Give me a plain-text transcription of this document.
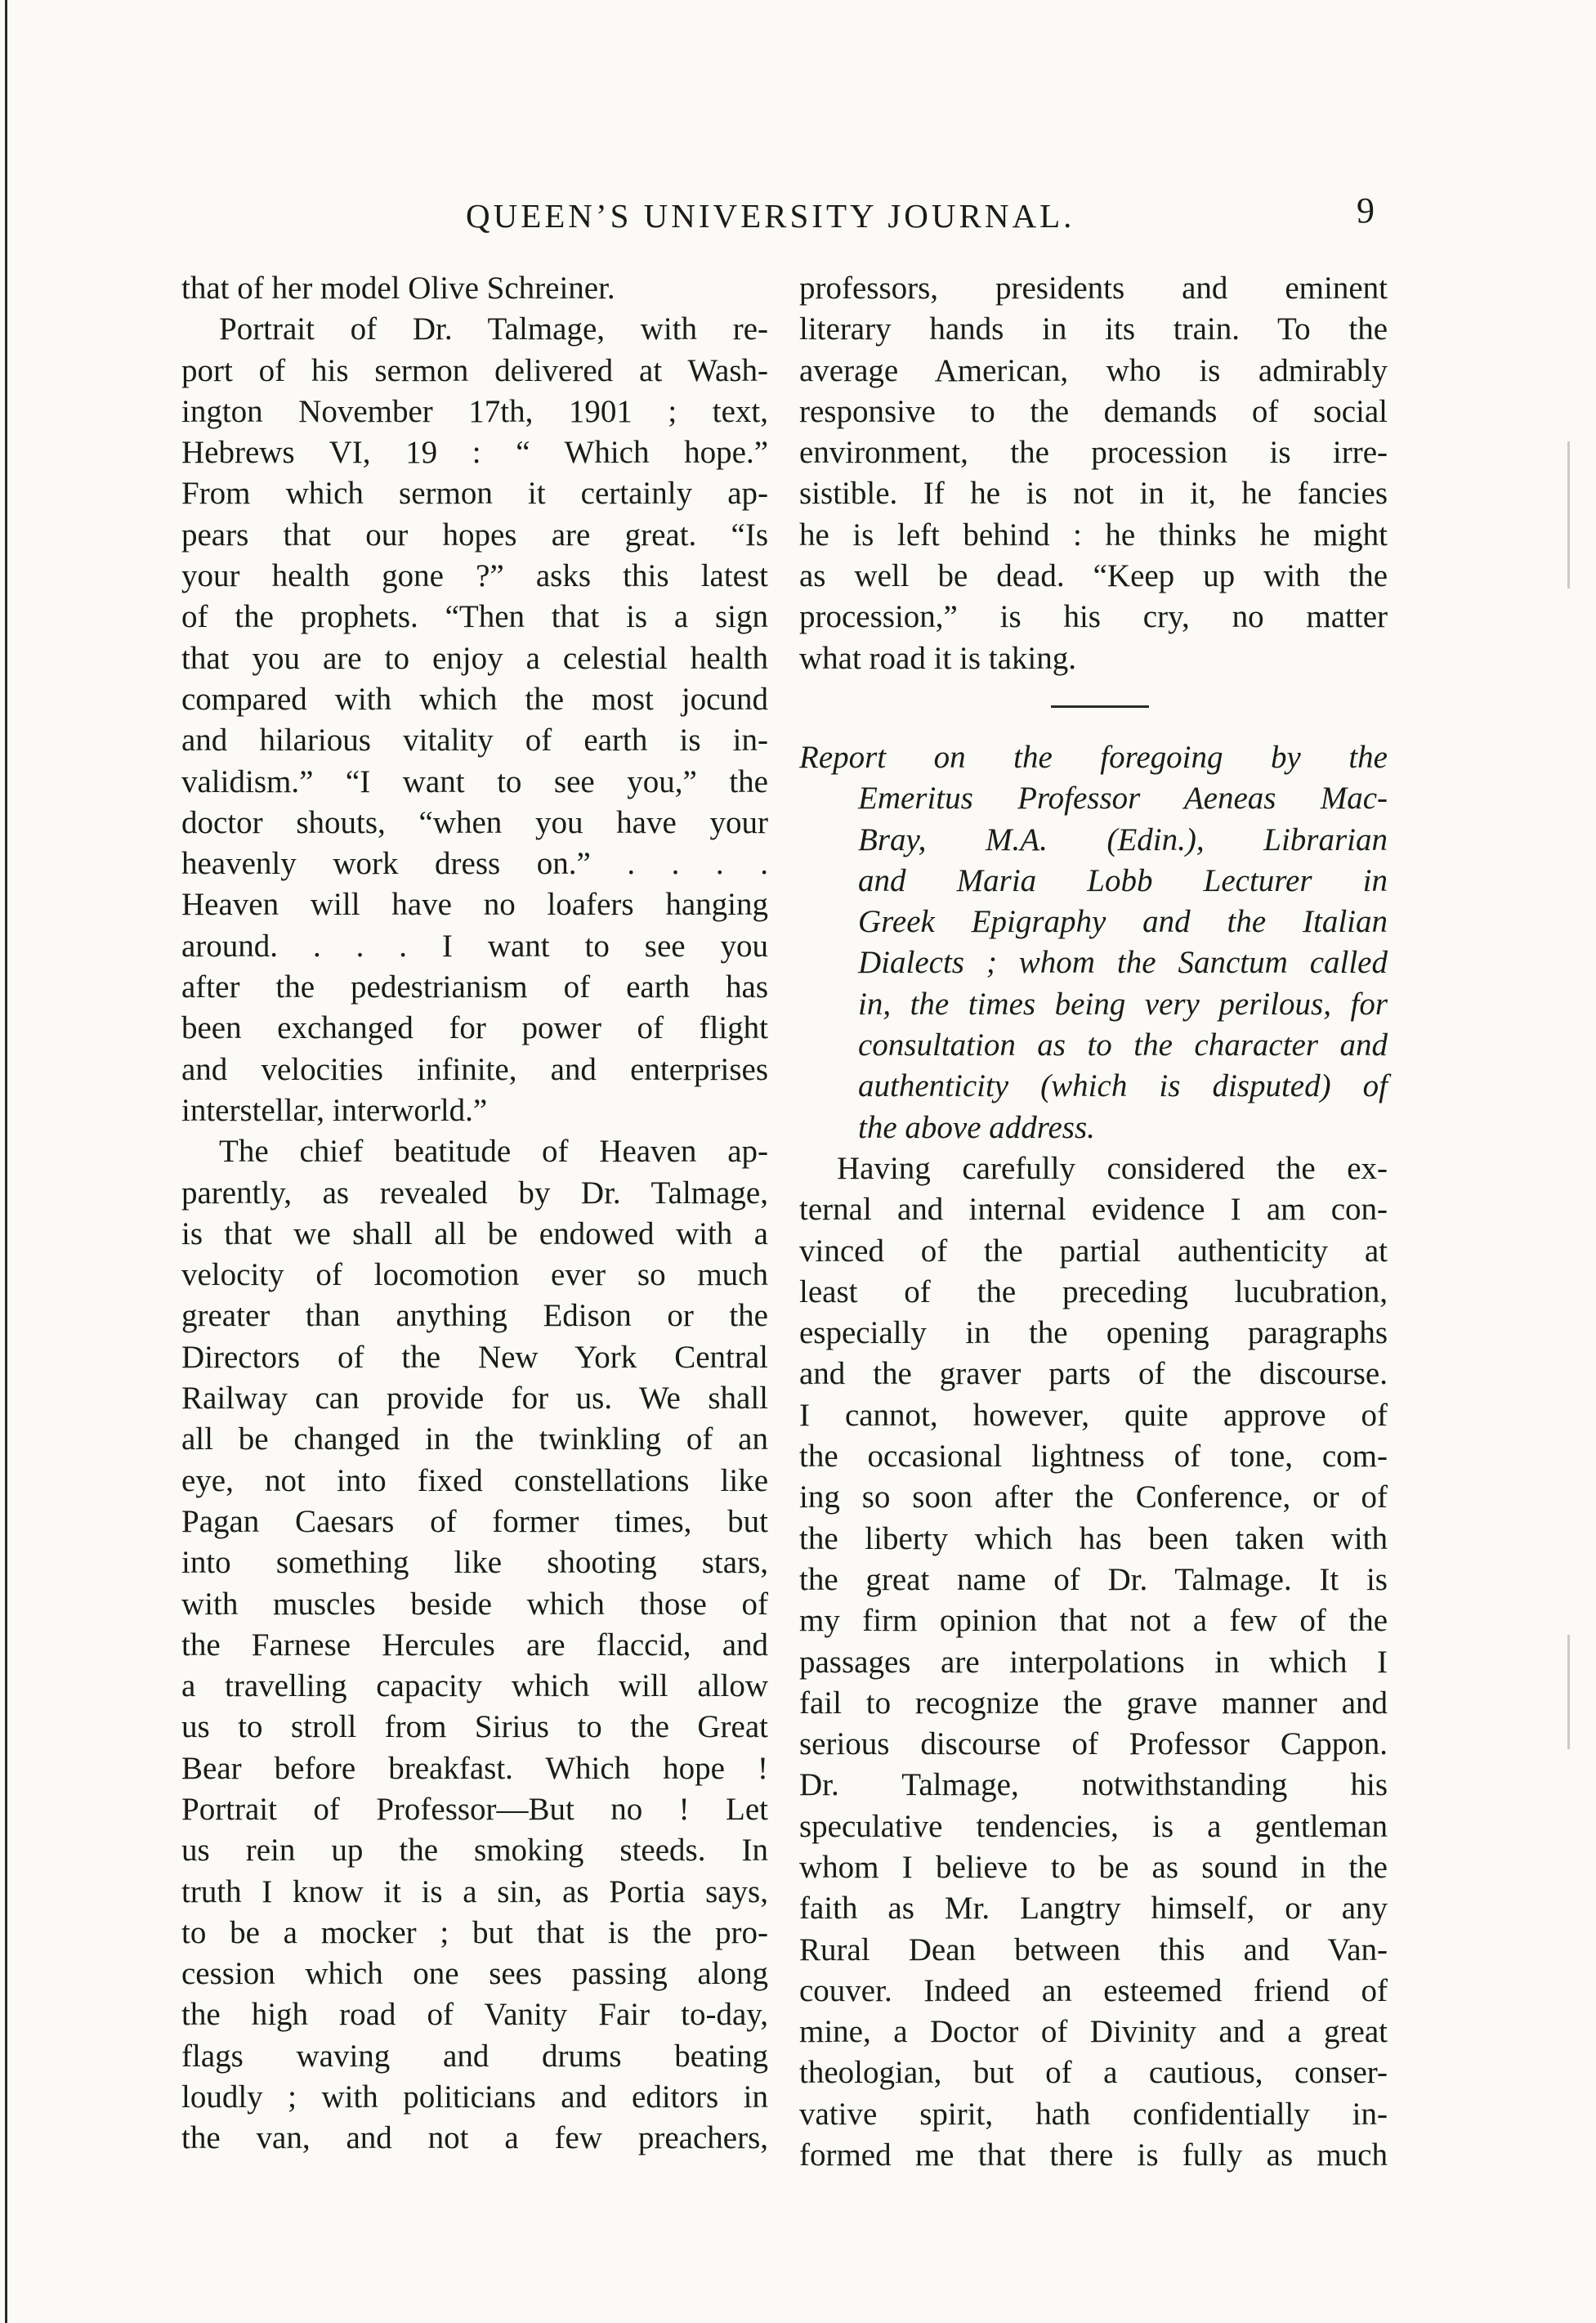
QUEEN’S UNIVERSITY JOURNAL.	9
that of her model Olive Schreiner.
Portrait of Dr. Talmage, with re-
port of his sermon delivered at Wash-
ington November 17th, 1901 ; text,
Hebrews VI, 19 : “ Which hope.”
From which sermon it certainly ap-
pears that our hopes are great. “Is
your health gone ?” asks this latest
of the prophets. “Then that is a sign
that you are to enjoy a celestial health
compared with which the most jocund
and hilarious vitality of earth is in-
validism.” “I want to see you,” the
doctor shouts, “when you have your
heavenly work dress on.” . . . .
Heaven will have no loafers hanging
around. . . . I want to see you
after the pedestrianism of earth has
been exchanged for power of flight
and velocities infinite, and enterprises
interstellar, interworld.”
The chief beatitude of Heaven ap-
parently, as revealed by Dr. Talmage,
is that we shall all be endowed with a
velocity of locomotion ever so much
greater than anything Edison or the
Directors of the New York Central
Railway can provide for us. We shall
all be changed in the twinkling of an
eye, not into fixed constellations like
Pagan Caesars of former times, but
into something like shooting stars,
with muscles beside which those of
the Farnese Hercules are flaccid, and
a travelling capacity which will allow
us to stroll from Sirius to the Great
Bear before breakfast. Which hope !
Portrait of Professor—But no ! Let
us rein up the smoking steeds. In
truth I know it is a sin, as Portia says,
to be a mocker ; but that is the pro-
cession which one sees passing along
the high road of Vanity Fair to-day,
flags waving and drums beating
loudly ; with politicians and editors in
the van, and not a few preachers,
professors, presidents and eminent
literary hands in its train. To the
average American, who is admirably
responsive to the demands of social
environment, the procession is irre-
sistible. If he is not in it, he fancies
he is left behind : he thinks he might
as well be dead. “Keep up with the
procession,” is his cry, no matter
what road it is taking.
Report on the foregoing by the
Emeritus Professor Aeneas Mac-
Bray, M.A. (Edin.), Librarian
and Maria Lobb Lecturer in
Greek Epigraphy and the Italian
Dialects ; whom the Sanctum called
in, the times being very perilous, for
consultation as to the character and
authenticity (which is disputed) of
the above address.
Having carefully considered the ex-
ternal and internal evidence I am con-
vinced of the partial authenticity at
least of the preceding lucubration,
especially in the opening paragraphs
and the graver parts of the discourse.
I cannot, however, quite approve of
the occasional lightness of tone, com-
ing so soon after the Conference, or of
the liberty which has been taken with
the great name of Dr. Talmage. It is
my firm opinion that not a few of the
passages are interpolations in which I
fail to recognize the grave manner and
serious discourse of Professor Cappon.
Dr. Talmage, notwithstanding his
speculative tendencies, is a gentleman
whom I believe to be as sound in the
faith as Mr. Langtry himself, or any
Rural Dean between this and Van-
couver. Indeed an esteemed friend of
mine, a Doctor of Divinity and a great
theologian, but of a cautious, conser-
vative spirit, hath confidentially in-
formed me that there is fully as much
